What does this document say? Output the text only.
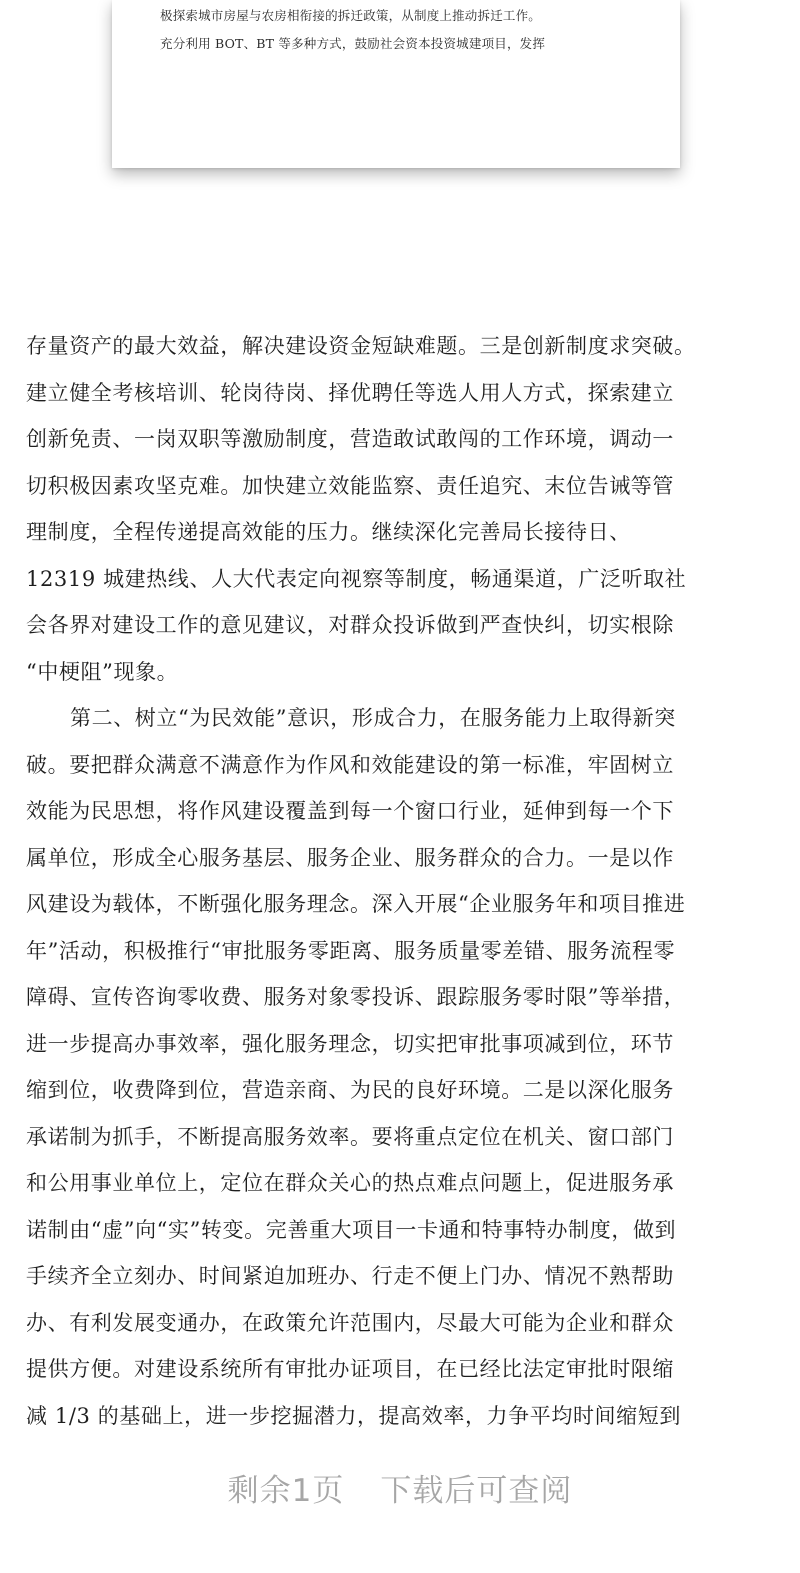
极探索城市房屋与农房相衔接的拆迁政策，从制度上推动拆迁工作。
充分利用 BOT、BT 等多种方式，鼓励社会资本投资城建项目，发挥
存量资产的最大效益，解决建设资金短缺难题。三是创新制度求突破。
建立健全考核培训、轮岗待岗、择优聘任等选人用人方式，探索建立
创新免责、一岗双职等激励制度，营造敢试敢闯的工作环境，调动一
切积极因素攻坚克难。加快建立效能监察、责任追究、末位告诫等管
理制度，全程传递提高效能的压力。继续深化完善局长接待日、
12319 城建热线、人大代表定向视察等制度，畅通渠道，广泛听取社
会各界对建设工作的意见建议，对群众投诉做到严查快纠，切实根除
“中梗阻”现象。
第二、树立“为民效能”意识，形成合力，在服务能力上取得新突
破。要把群众满意不满意作为作风和效能建设的第一标准，牢固树立
效能为民思想，将作风建设覆盖到每一个窗口行业，延伸到每一个下
属单位，形成全心服务基层、服务企业、服务群众的合力。一是以作
风建设为载体，不断强化服务理念。深入开展“企业服务年和项目推进
年”活动，积极推行“审批服务零距离、服务质量零差错、服务流程零
障碍、宣传咨询零收费、服务对象零投诉、跟踪服务零时限”等举措，
进一步提高办事效率，强化服务理念，切实把审批事项减到位，环节
缩到位，收费降到位，营造亲商、为民的良好环境。二是以深化服务
承诺制为抓手，不断提高服务效率。要将重点定位在机关、窗口部门
和公用事业单位上，定位在群众关心的热点难点问题上，促进服务承
诺制由“虚”向“实”转变。完善重大项目一卡通和特事特办制度，做到
手续齐全立刻办、时间紧迫加班办、行走不便上门办、情况不熟帮助
办、有利发展变通办，在政策允许范围内，尽最大可能为企业和群众
提供方便。对建设系统所有审批办证项目，在已经比法定审批时限缩
减 1/3 的基础上，进一步挖掘潜力，提高效率，力争平均时间缩短到
剩余1页 下载后可查阅
